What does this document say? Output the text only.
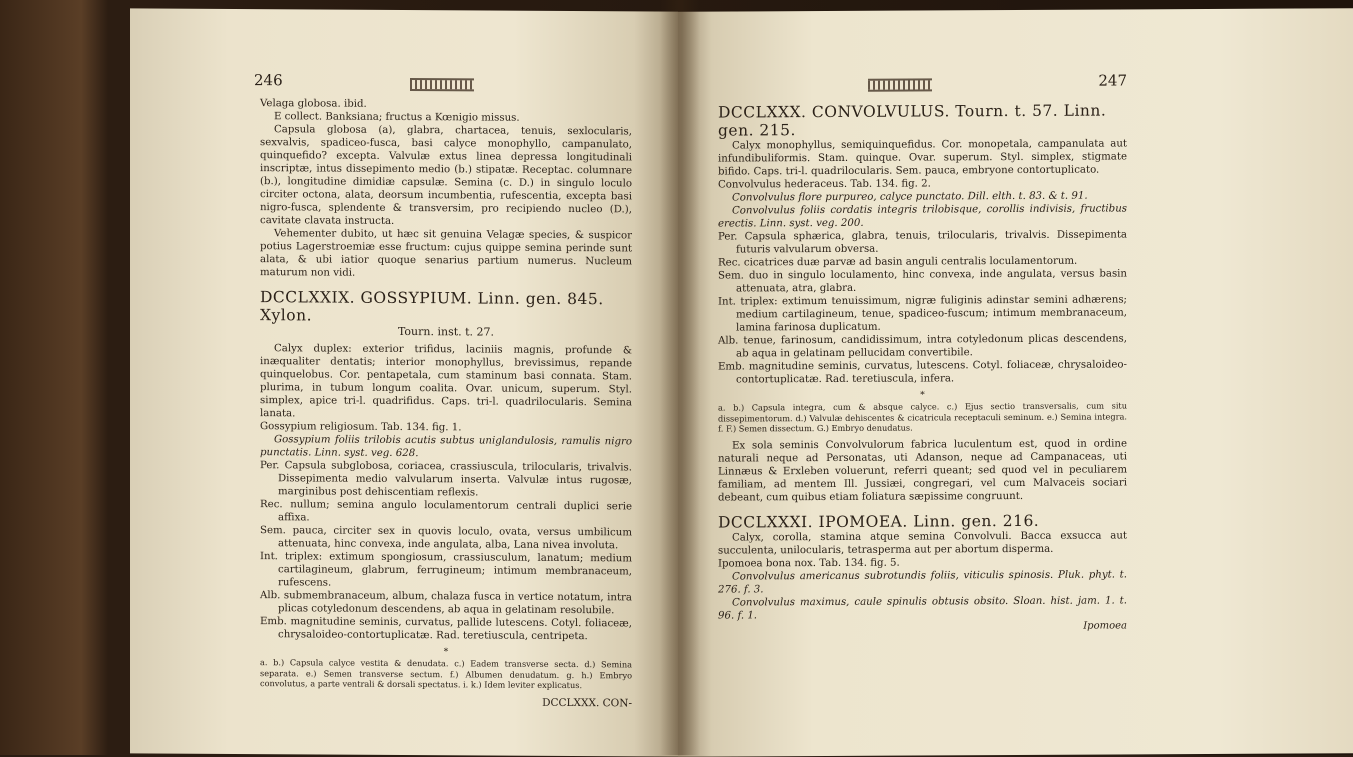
246

Velaga globosa. ibid.

E collect. Banksiana; fructus a Kœnigio missus.

Capsula globosa (a), glabra, chartacea, tenuis, sexlocularis, sexvalvis, spadiceo-fusca, basi calyce monophyllo, campanulato, quinquefido? excepta. Valvulæ extus linea depressa longitudinali inscriptæ, intus dissepimento medio (b.) stipatæ. Receptac. columnare (b.), longitudine dimidiæ capsulæ. Semina (c. D.) in singulo loculo circiter octona, alata, deorsum incumbentia, rufescentia, excepta basi nigro-fusca, splendente & transversim, pro recipiendo nucleo (D.), cavitate clavata instructa.

Vehementer dubito, ut hæc sit genuina Velagæ species, & suspicor potius Lagerstroemiæ esse fructum: cujus quippe semina perinde sunt alata, & ubi iatior quoque senarius partium numerus. Nucleum maturum non vidi.

DCCLXXIX. GOSSYPIUM. Linn. gen. 845. Xylon.
Tourn. inst. t. 27.

Calyx duplex: exterior trifidus, laciniis magnis, profunde & inæqualiter dentatis; interior monophyllus, brevissimus, repande quinquelobus. Cor. pentapetala, cum staminum basi connata. Stam. plurima, in tubum longum coalita. Ovar. unicum, superum. Styl. simplex, apice tri-l. quadrifidus. Caps. tri-l. quadrilocularis. Semina lanata.

Gossypium religiosum. Tab. 134. fig. 1.

Gossypium foliis trilobis acutis subtus uniglandulosis, ramulis nigro punctatis. Linn. syst. veg. 628.

Per. Capsula subglobosa, coriacea, crassiuscula, trilocularis, trivalvis. Dissepimenta medio valvularum inserta. Valvulæ intus rugosæ, marginibus post dehiscentiam reflexis.

Rec. nullum; semina angulo loculamentorum centrali duplici serie affixa.

Sem. pauca, circiter sex in quovis loculo, ovata, versus umbilicum attenuata, hinc convexa, inde angulata, alba, Lana nivea involuta.

Int. triplex: extimum spongiosum, crassiusculum, lanatum; medium cartilagineum, glabrum, ferrugineum; intimum membranaceum, rufescens.

Alb. submembranaceum, album, chalaza fusca in vertice notatum, intra plicas cotyledonum descendens, ab aqua in gelatinam resolubile.

Emb. magnitudine seminis, curvatus, pallide lutescens. Cotyl. foliaceæ, chrysaloideo-contortuplicatæ. Rad. teretiuscula, centripeta.

*

a. b.) Capsula calyce vestita & denudata. c.) Eadem transverse secta. d.) Semina separata. e.) Semen transverse sectum. f.) Albumen denudatum. g. h.) Embryo convolutus, a parte ventrali & dorsali spectatus. i. k.) Idem leviter explicatus.

DCCLXXX. CON-
247
DCCLXXX. CONVOLVULUS. Tourn. t. 57. Linn. gen. 215.

Calyx monophyllus, semiquinquefidus. Cor. monopetala, campanulata aut infundibuliformis. Stam. quinque. Ovar. superum. Styl. simplex, stigmate bifido. Caps. tri-l. quadrilocularis. Sem. pauca, embryone contortuplicato.

Convolvulus hederaceus. Tab. 134. fig. 2.

Convolvulus flore purpureo, calyce punctato. Dill. elth. t. 83. & t. 91.

Convolvulus foliis cordatis integris trilobisque, corollis indivisis, fructibus erectis. Linn. syst. veg. 200.

Per. Capsula sphærica, glabra, tenuis, trilocularis, trivalvis. Dissepimenta futuris valvularum obversa.

Rec. cicatrices duæ parvæ ad basin anguli centralis loculamentorum.

Sem. duo in singulo loculamento, hinc convexa, inde angulata, versus basin attenuata, atra, glabra.

Int. triplex: extimum tenuissimum, nigræ fuliginis adinstar semini adhærens; medium cartilagineum, tenue, spadiceo-fuscum; intimum membranaceum, lamina farinosa duplicatum.

Alb. tenue, farinosum, candidissimum, intra cotyledonum plicas descendens, ab aqua in gelatinam pellucidam convertibile.

Emb. magnitudine seminis, curvatus, lutescens. Cotyl. foliaceæ, chrysaloideo-contortuplicatæ. Rad. teretiuscula, infera.

*

a. b.) Capsula integra, cum & absque calyce. c.) Ejus sectio transversalis, cum situ dissepimentorum. d.) Valvulæ dehiscentes & cicatricula receptaculi seminum. e.) Semina integra. f. F.) Semen dissectum. G.) Embryo denudatus.

Ex sola seminis Convolvulorum fabrica luculentum est, quod in ordine naturali neque ad Personatas, uti Adanson, neque ad Campanaceas, uti Linnæus & Erxleben voluerunt, referri queant; sed quod vel in peculiarem familiam, ad mentem Ill. Jussiæi, congregari, vel cum Malvaceis sociari debeant, cum quibus etiam foliatura sæpissime congruunt.

DCCLXXXI. IPOMOEA. Linn. gen. 216.

Calyx, corolla, stamina atque semina Convolvuli. Bacca exsucca aut succulenta, unilocularis, tetrasperma aut per abortum disperma.

Ipomoea bona nox. Tab. 134. fig. 5.

Convolvulus americanus subrotundis foliis, viticulis spinosis. Pluk. phyt. t. 276. f. 3.

Convolvulus maximus, caule spinulis obtusis obsito. Sloan. hist. jam. 1. t. 96. f. 1.

Ipomoea
